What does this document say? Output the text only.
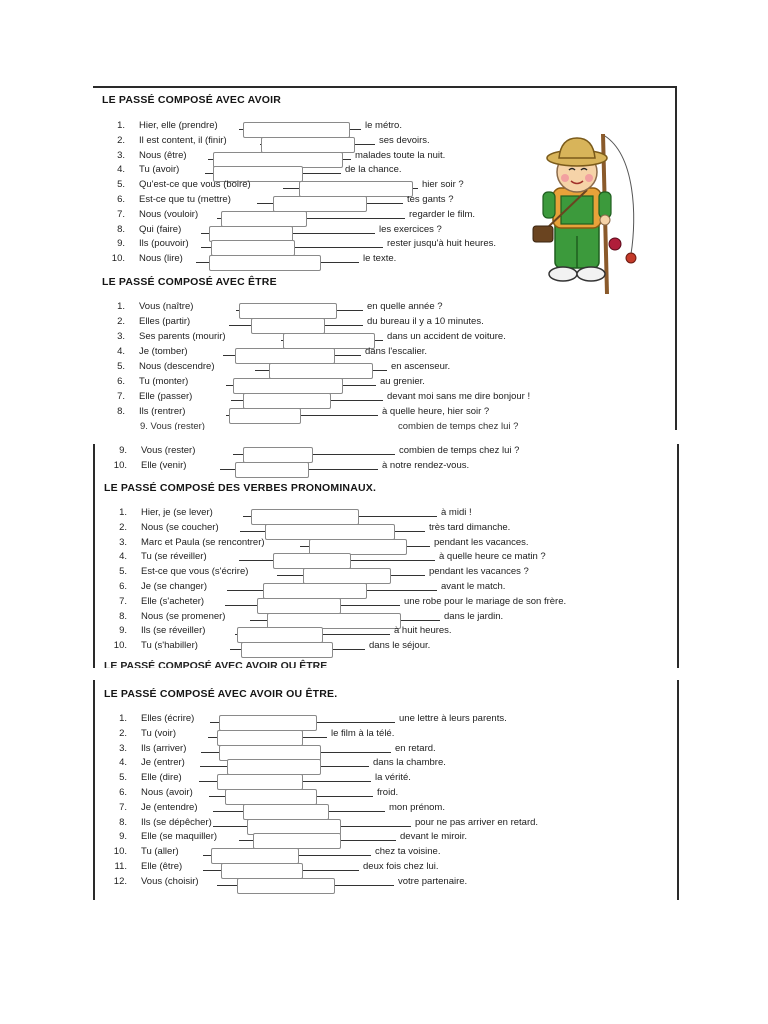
LE PASSÉ COMPOSÉ AVEC AVOIR
1. Hier, elle (prendre)	le métro.
2. Il est content, il (finir)	ses devoirs.
3. Nous (être)	malades toute la nuit.
4. Tu (avoir)	de la chance.
5. Qu'est-ce que vous (boire)	hier soir ?
6. Est-ce que tu (mettre)	tes gants ?
7. Nous (vouloir)	regarder le film.
8. Qui (faire)	les exercices ?
9. Ils (pouvoir)	rester jusqu'à huit heures.
10. Nous (lire)	le texte.
LE PASSÉ COMPOSÉ AVEC ÊTRE
1. Vous (naître)	en quelle année ?
2. Elles (partir)	du bureau il y a 10 minutes.
3. Ses parents (mourir)	dans un accident de voiture.
4. Je (tomber)	dans l'escalier.
5. Nous (descendre)	en ascenseur.
6. Tu (monter)	au grenier.
7. Elle (passer)	devant moi sans me dire bonjour !
8. Ils (rentrer)	à quelle heure, hier soir ?
9. Vous (rester)	combien de temps chez lui ?
9. Vous (rester)	combien de temps chez lui ?
10. Elle (venir)	à notre rendez-vous.
LE PASSÉ COMPOSÉ DES VERBES PRONOMINAUX.
1. Hier, je (se lever)	à midi !
2. Nous (se coucher)	très tard dimanche.
3. Marc et Paula (se rencontrer)	pendant les vacances.
4. Tu (se réveiller)	à quelle heure ce matin ?
5. Est-ce que vous (s'écrire)	pendant les vacances ?
6. Je (se changer)	avant le match.
7. Elle (s'acheter)	une robe pour le mariage de son frère.
8. Nous (se promener)	dans le jardin.
9. Ils (se réveiller)	à huit heures.
10. Tu (s'habiller)	dans le séjour.
LE PASSÉ COMPOSÉ AVEC AVOIR OU ÊTRE
LE PASSÉ COMPOSÉ AVEC AVOIR OU ÊTRE.
1. Elles (écrire)	une lettre à leurs parents.
2. Tu (voir)	le film à la télé.
3. Ils (arriver)	en retard.
4. Je (entrer)	dans la chambre.
5. Elle (dire)	la vérité.
6. Nous (avoir)	froid.
7. Je (entendre)	mon prénom.
8. Ils (se dépêcher)	pour ne pas arriver en retard.
9. Elle (se maquiller)	devant le miroir.
10. Tu (aller)	chez ta voisine.
11. Elle (être)	deux fois chez lui.
12. Vous (choisir)	votre partenaire.
